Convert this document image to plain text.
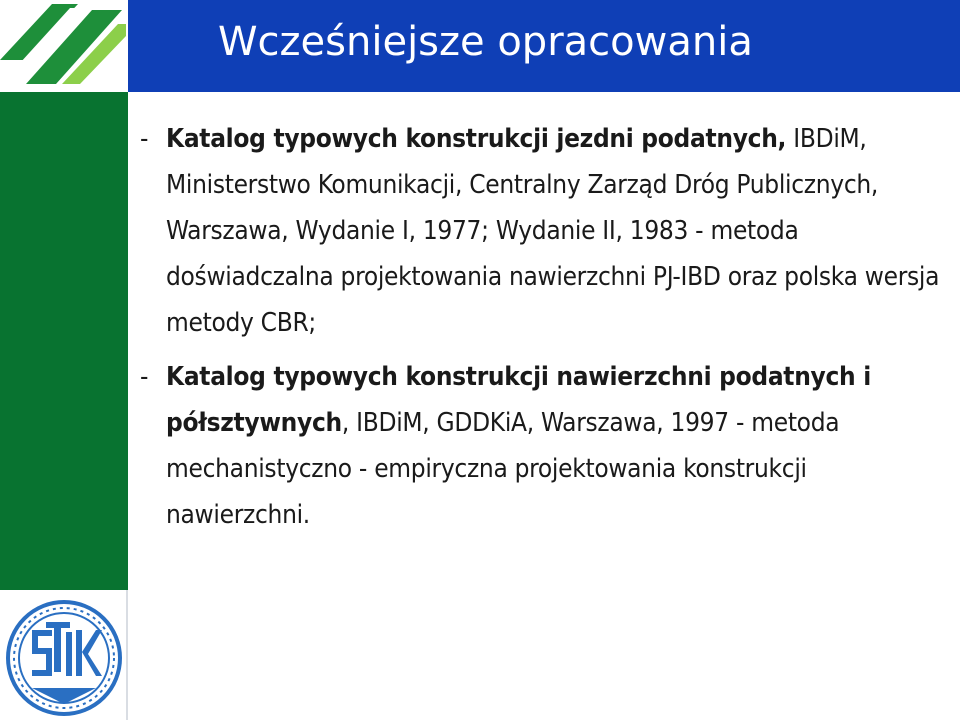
Wcześniejsze opracowania
- Katalog typowych konstrukcji jezdni podatnych, IBDiM, Ministerstwo Komunikacji, Centralny Zarząd Dróg Publicznych, Warszawa, Wydanie I, 1977; Wydanie II, 1983 - metoda doświadczalna projektowania nawierzchni PJ-IBD oraz polska wersja metody CBR;
- Katalog typowych konstrukcji nawierzchni podatnych i półsztywnych, IBDiM, GDDKiA, Warszawa, 1997 - metoda mechanistyczno - empiryczna projektowania konstrukcji nawierzchni.
